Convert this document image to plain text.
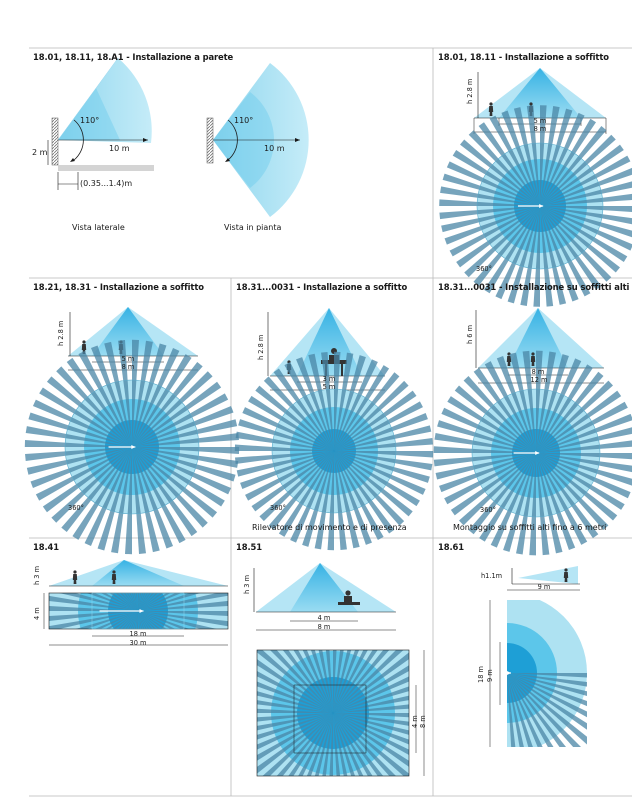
18.01, 18.11, 18.A1 - Installazione a parete	18.01, 18.11 - Installazione a soffitto
18.21, 18.31 - Installazione a soffitto	18.31...0031 - Installazione a soffitto	18.31...0031 - Installazione su soffitti alti
18.41	18.51	18.61
110°
10 m
2 m
(0.35...1.4)m
Vista laterale
110°
10 m
Vista in pianta
h 2.8 m
5 m
8 m
360°
h 2.8 m
5 m
8 m
360°
h 2.8 m
3 m
5 m
360°
Rilevatore di movimento e di presenza
h 6 m
8 m
12 m
360°
Montaggio su soffitti alti fino a 6 metri
h 3 m
4 m
18 m
30 m
h 3 m
4 m
8 m
4 m 8 m
h1.1m
9 m
18 m 9 m
